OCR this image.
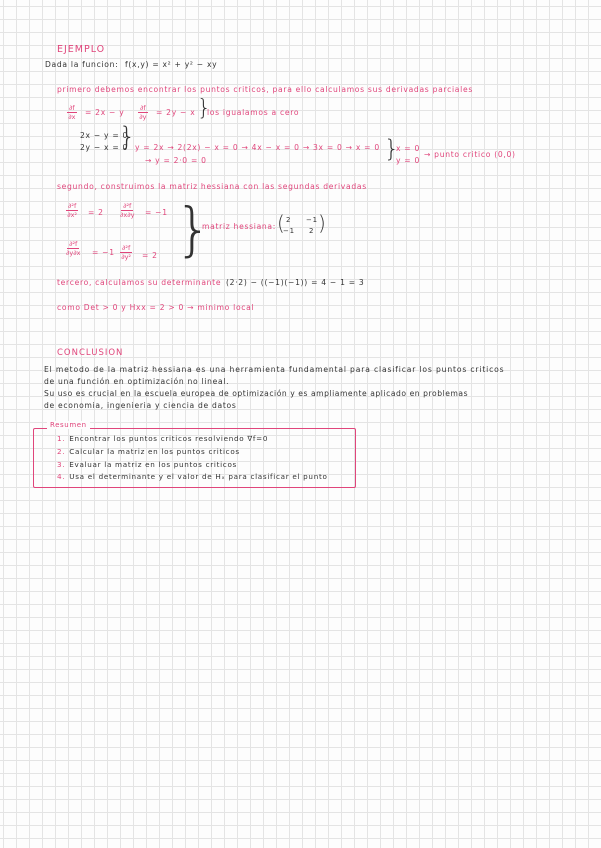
EJEMPLO
Dada la funcion: f(x,y) = x² + y² − xy
primero debemos encontrar los puntos criticos, para ello calculamos sus derivadas parciales
$\frac{\partial f}{\partial x} = 2x - y \frac{\partial f}{\partial y} = 2y - x$ }
los igualamos a cero
2x − y = 0
2y − x = 0
} y = 2x → 2(2x) − x = 0 → 4x − x = 0 → 3x = 0 → x = 0
→ y = 2·0 = 0	}
x = 0
y = 0
→ punto critico (0,0)
segundo, construimos la matriz hessiana con las segundas derivadas
$\frac{\text{∂²f}}{\text{∂x²}} = 2$	$\frac{\text{∂²f}}{\partial x\partial y} = -1$
$\frac{\text{∂²f}}{\partial y\partial x} = -1 \frac{\text{∂²f}}{\text{∂y²}} = 2$ }
matriz hessiana: ( 2 −1
−1 2 )
tercero, calculamos su determinante (2·2) − ((−1)(−1)) = 4 − 1 = 3
como Det > 0 y Hxx = 2 > 0 → minimo local
CONCLUSION
El metodo de la matriz hessiana es una herramienta fundamental para clasificar los puntos criticos
de una función en optimización no lineal.
Su uso es crucial en la escuela europea de optimización y es ampliamente aplicado en problemas
de economia, ingenieria y ciencia de datos
Resumen
1. Encontrar los puntos criticos resolviendo ∇f=0
2. Calcular la matriz en los puntos criticos
3. Evaluar la matriz en los puntos criticos
4. Usa el determinante y el valor de Hₓ para clasificar el punto
